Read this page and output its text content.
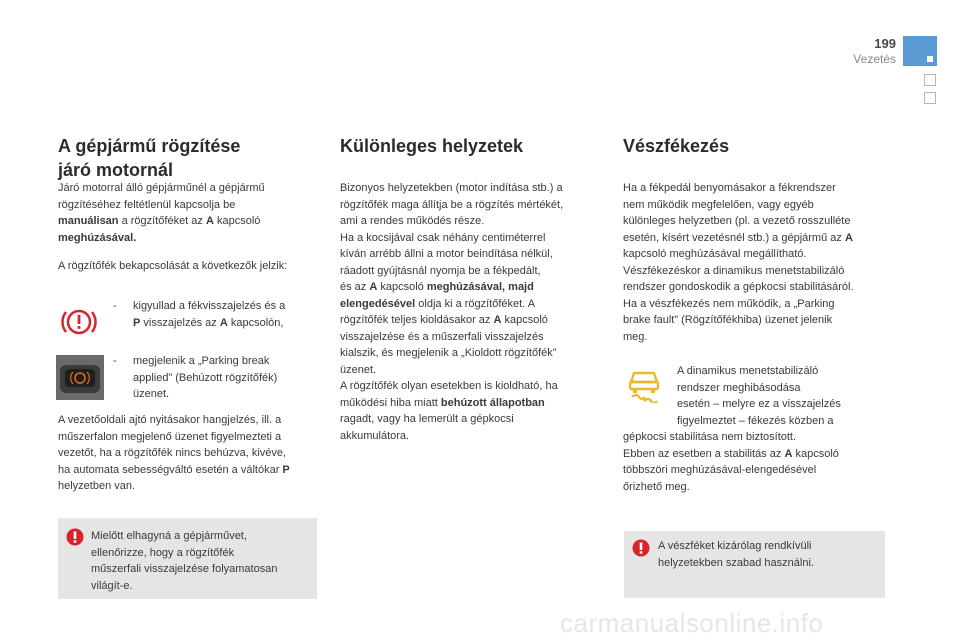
199
Vezetés
A gépjármű rögzítése
járó motornál

Járó motorral álló gépjárműnél a gépjármű

rögzítéséhez feltétlenül kapcsolja be

manuálisan a rögzítőféket az A kapcsoló

meghúzásával.

A rögzítőfék bekapcsolását a következők jelzik:
- kigyullad a fékvisszajelzés és a
P visszajelzés az A kapcsolón,
- megjelenik a „Parking break
applied” (Behúzott rögzítőfék)
üzenet.

A vezetőoldali ajtó nyitásakor hangjelzés, ill. a

műszerfalon megjelenő üzenet figyelmezteti a

vezetőt, ha a rögzítőfék nincs behúzva, kivéve,

ha automata sebességváltó esetén a váltókar P

helyzetben van.

Mielőtt elhagyná a gépjárművet,

ellenőrizze, hogy a rögzítőfék

műszerfali visszajelzése folyamatosan

világít-e.

Különleges helyzetek

Bizonyos helyzetekben (motor indítása stb.) a

rögzítőfék maga állítja be a rögzítés mértékét,

ami a rendes működés része.

Ha a kocsijával csak néhány centiméterrel

kíván arrébb állni a motor beindítása nélkül,

ráadott gyújtásnál nyomja be a fékpedált,

és az A kapcsoló meghúzásával, majd

elengedésével oldja ki a rögzítőféket. A

rögzítőfék teljes kioldásakor az A kapcsoló

visszajelzése és a műszerfali visszajelzés

kialszik, és megjelenik a „Kioldott rögzítőfék”

üzenet.

A rögzítőfék olyan esetekben is kioldható, ha

működési hiba miatt behúzott állapotban

ragadt, vagy ha lemerült a gépkocsi

akkumulátora.

Vészfékezés

Ha a fékpedál benyomásakor a fékrendszer

nem működik megfelelően, vagy egyéb

különleges helyzetben (pl. a vezető rosszulléte

esetén, kísért vezetésnél stb.) a gépjármű az A

kapcsoló meghúzásával megállítható.

Vészfékezéskor a dinamikus menetstabilizáló

rendszer gondoskodik a gépkocsi stabilitásáról.

Ha a vészfékezés nem működik, a „Parking

brake fault” (Rögzítőfékhiba) üzenet jelenik

meg.

A dinamikus menetstabilizáló

rendszer meghibásodása

esetén – melyre ez a visszajelzés

figyelmeztet – fékezés közben a

gépkocsi stabilitása nem biztosított.

Ebben az esetben a stabilitás az A kapcsoló

többszöri meghúzásával-elengedésével

őrizhető meg.

A vészféket kizárólag rendkívüli

helyzetekben szabad használni.

carmanualsonline.info
